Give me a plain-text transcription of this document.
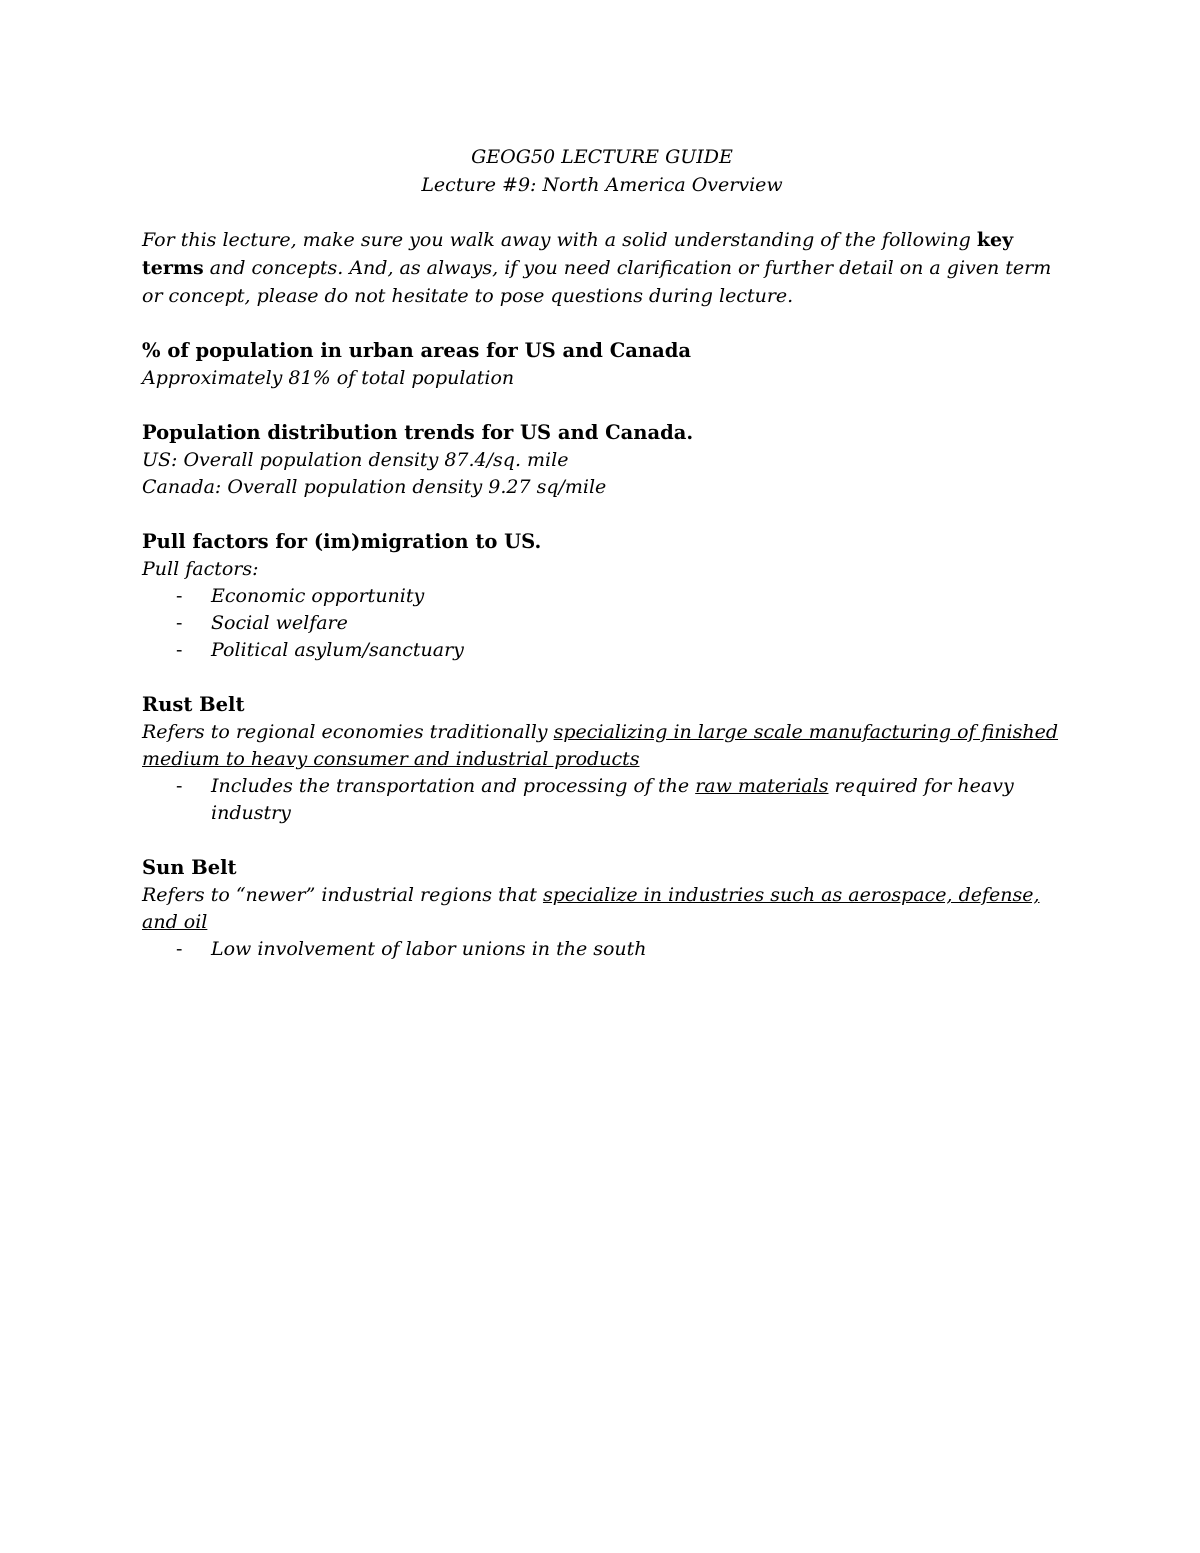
GEOG50 LECTURE GUIDE

Lecture #9: North America Overview

For this lecture, make sure you walk away with a solid understanding of the following key terms and concepts. And, as always, if you need clarification or further detail on a given term or concept, please do not hesitate to pose questions during lecture.

% of population in urban areas for US and Canada

Approximately 81% of total population

Population distribution trends for US and Canada.

US: Overall population density 87.4/sq. mile

Canada: Overall population density 9.27 sq/mile

Pull factors for (im)migration to US.

Pull factors:

- Economic opportunity
- Social welfare
- Political asylum/sanctuary
Rust Belt

Refers to regional economies traditionally specializing in large scale manufacturing of finished medium to heavy consumer and industrial products

- Includes the transportation and processing of the raw materials required for heavy industry
Sun Belt

Refers to “newer” industrial regions that specialize in industries such as aerospace, defense, and oil

- Low involvement of labor unions in the south
